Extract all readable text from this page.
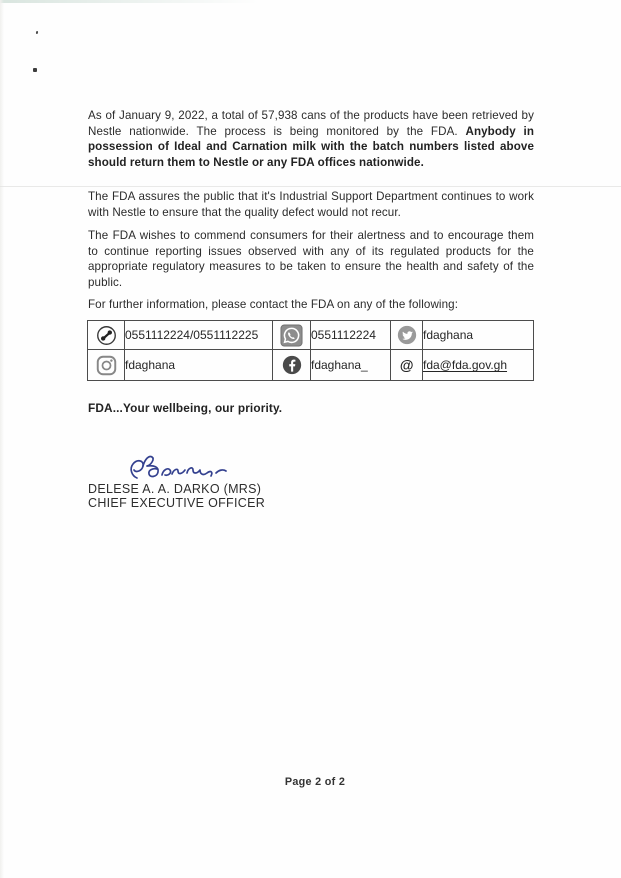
As of January 9, 2022, a total of 57,938 cans of the products have been retrieved by Nestle nationwide. The process is being monitored by the FDA. Anybody in possession of Ideal and Carnation milk with the batch numbers listed above should return them to Nestle or any FDA offices nationwide.

The FDA assures the public that it's Industrial Support Department continues to work with Nestle to ensure that the quality defect would not recur.

The FDA wishes to commend consumers for their alertness and to encourage them to continue reporting issues observed with any of its regulated products for the appropriate regulatory measures to be taken to ensure the health and safety of the public.

For further information, please contact the FDA on any of the following:

	0551112224/0551112225		0551112224		fdaghana
	fdaghana		fdaghana_	@	fda@fda.gov.gh

FDA...Your wellbeing, our priority.

DELESE A. A. DARKO (MRS)

CHIEF EXECUTIVE OFFICER

Page 2 of 2
